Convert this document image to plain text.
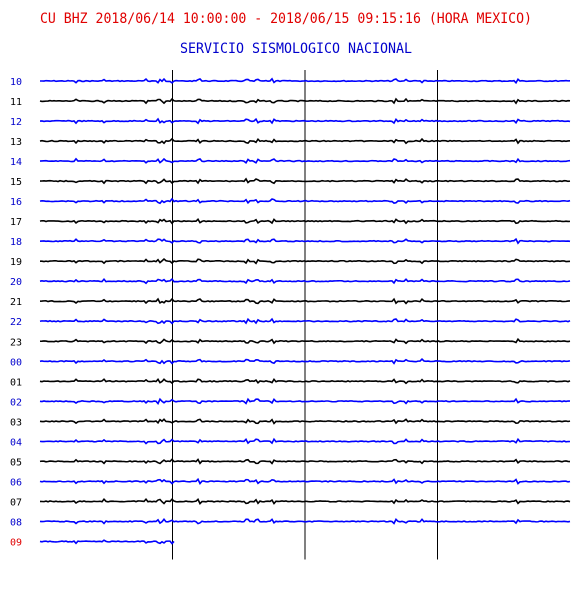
CU BHZ 2018/06/14 10:00:00 - 2018/06/15 09:15:16 (HORA MEXICO)
SERVICIO SISMOLOGICO NACIONAL
10
11
12
13
14
15
16
17
18
19
20
21
22
23
00
01
02
03
04
05
06
07
08
09
